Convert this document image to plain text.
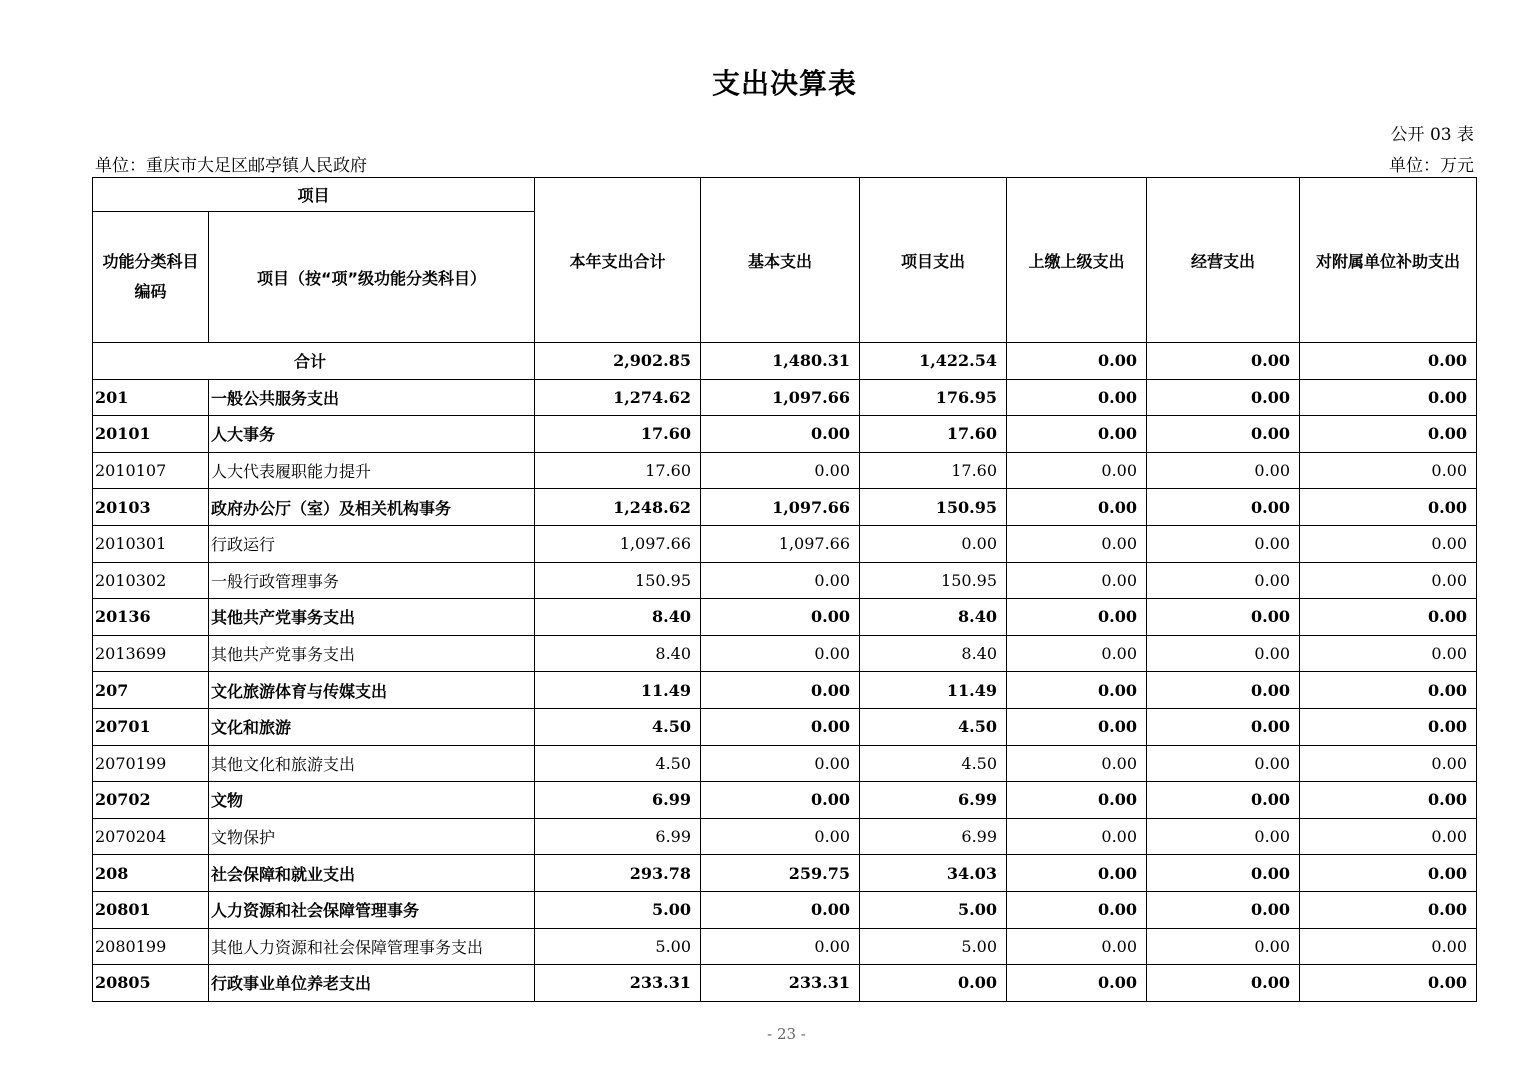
支出决算表
公开 03 表
单位：重庆市大足区邮亭镇人民政府	单位：万元
项目		本年支出合计	基本支出	项目支出	上缴上级支出	经营支出	对附属单位补助支出
功能分类科目编码	项目（按“项”级功能分类科目）						
合计		2,902.85	1,480.31	1,422.54	0.00	0.00	0.00
201	一般公共服务支出	1,274.62	1,097.66	176.95	0.00	0.00	0.00
20101	人大事务	17.60	0.00	17.60	0.00	0.00	0.00
2010107	人大代表履职能力提升	17.60	0.00	17.60	0.00	0.00	0.00
20103	政府办公厅（室）及相关机构事务	1,248.62	1,097.66	150.95	0.00	0.00	0.00
2010301	行政运行	1,097.66	1,097.66	0.00	0.00	0.00	0.00
2010302	一般行政管理事务	150.95	0.00	150.95	0.00	0.00	0.00
20136	其他共产党事务支出	8.40	0.00	8.40	0.00	0.00	0.00
2013699	其他共产党事务支出	8.40	0.00	8.40	0.00	0.00	0.00
207	文化旅游体育与传媒支出	11.49	0.00	11.49	0.00	0.00	0.00
20701	文化和旅游	4.50	0.00	4.50	0.00	0.00	0.00
2070199	其他文化和旅游支出	4.50	0.00	4.50	0.00	0.00	0.00
20702	文物	6.99	0.00	6.99	0.00	0.00	0.00
2070204	文物保护	6.99	0.00	6.99	0.00	0.00	0.00
208	社会保障和就业支出	293.78	259.75	34.03	0.00	0.00	0.00
20801	人力资源和社会保障管理事务	5.00	0.00	5.00	0.00	0.00	0.00
2080199	其他人力资源和社会保障管理事务支出	5.00	0.00	5.00	0.00	0.00	0.00
20805	行政事业单位养老支出	233.31	233.31	0.00	0.00	0.00	0.00
- 23 -
